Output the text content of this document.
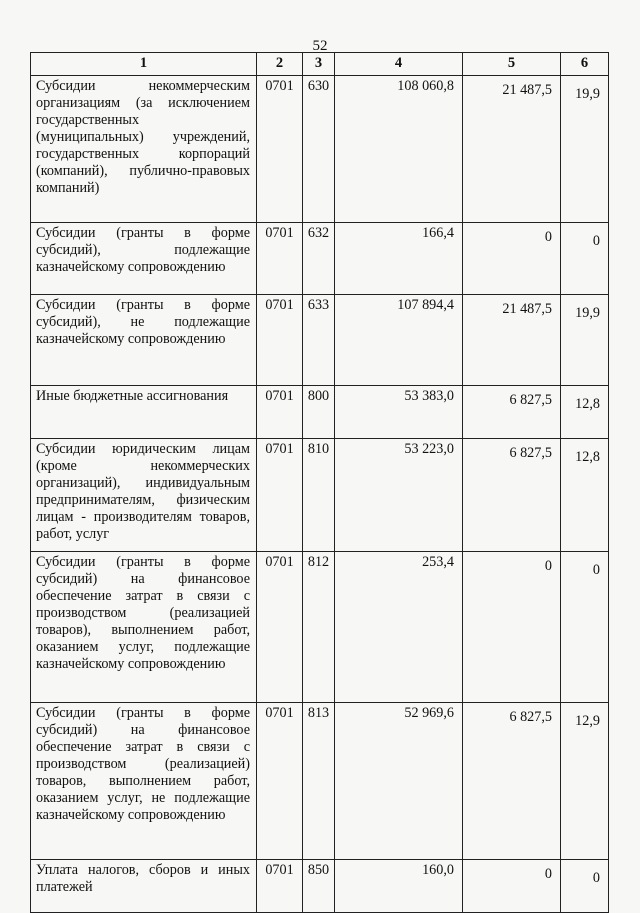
52
1	2	3	4	5	6
Субсидии некоммерческим организациям (за исключением государственных (муниципальных) учреждений, государственных корпораций (компаний), публично-правовых компаний)	0701	630	108 060,8	21 487,5	19,9
Субсидии (гранты в форме субсидий), подлежащие казначейскому сопровождению	0701	632	166,4	0	0
Субсидии (гранты в форме субсидий), не подлежащие казначейскому сопровождению	0701	633	107 894,4	21 487,5	19,9
Иные бюджетные ассигнования	0701	800	53 383,0	6 827,5	12,8
Субсидии юридическим лицам (кроме некоммерческих организаций), индивидуальным предпринимателям, физическим лицам - производителям товаров, работ, услуг	0701	810	53 223,0	6 827,5	12,8
Субсидии (гранты в форме субсидий) на финансовое обеспечение затрат в связи с производством (реализацией товаров), выполнением работ, оказанием услуг, подлежащие казначейскому сопровождению	0701	812	253,4	0	0
Субсидии (гранты в форме субсидий) на финансовое обеспечение затрат в связи с производством (реализацией) товаров, выполнением работ, оказанием услуг, не подлежащие казначейскому сопровождению	0701	813	52 969,6	6 827,5	12,9
Уплата налогов, сборов и иных платежей	0701	850	160,0	0	0
